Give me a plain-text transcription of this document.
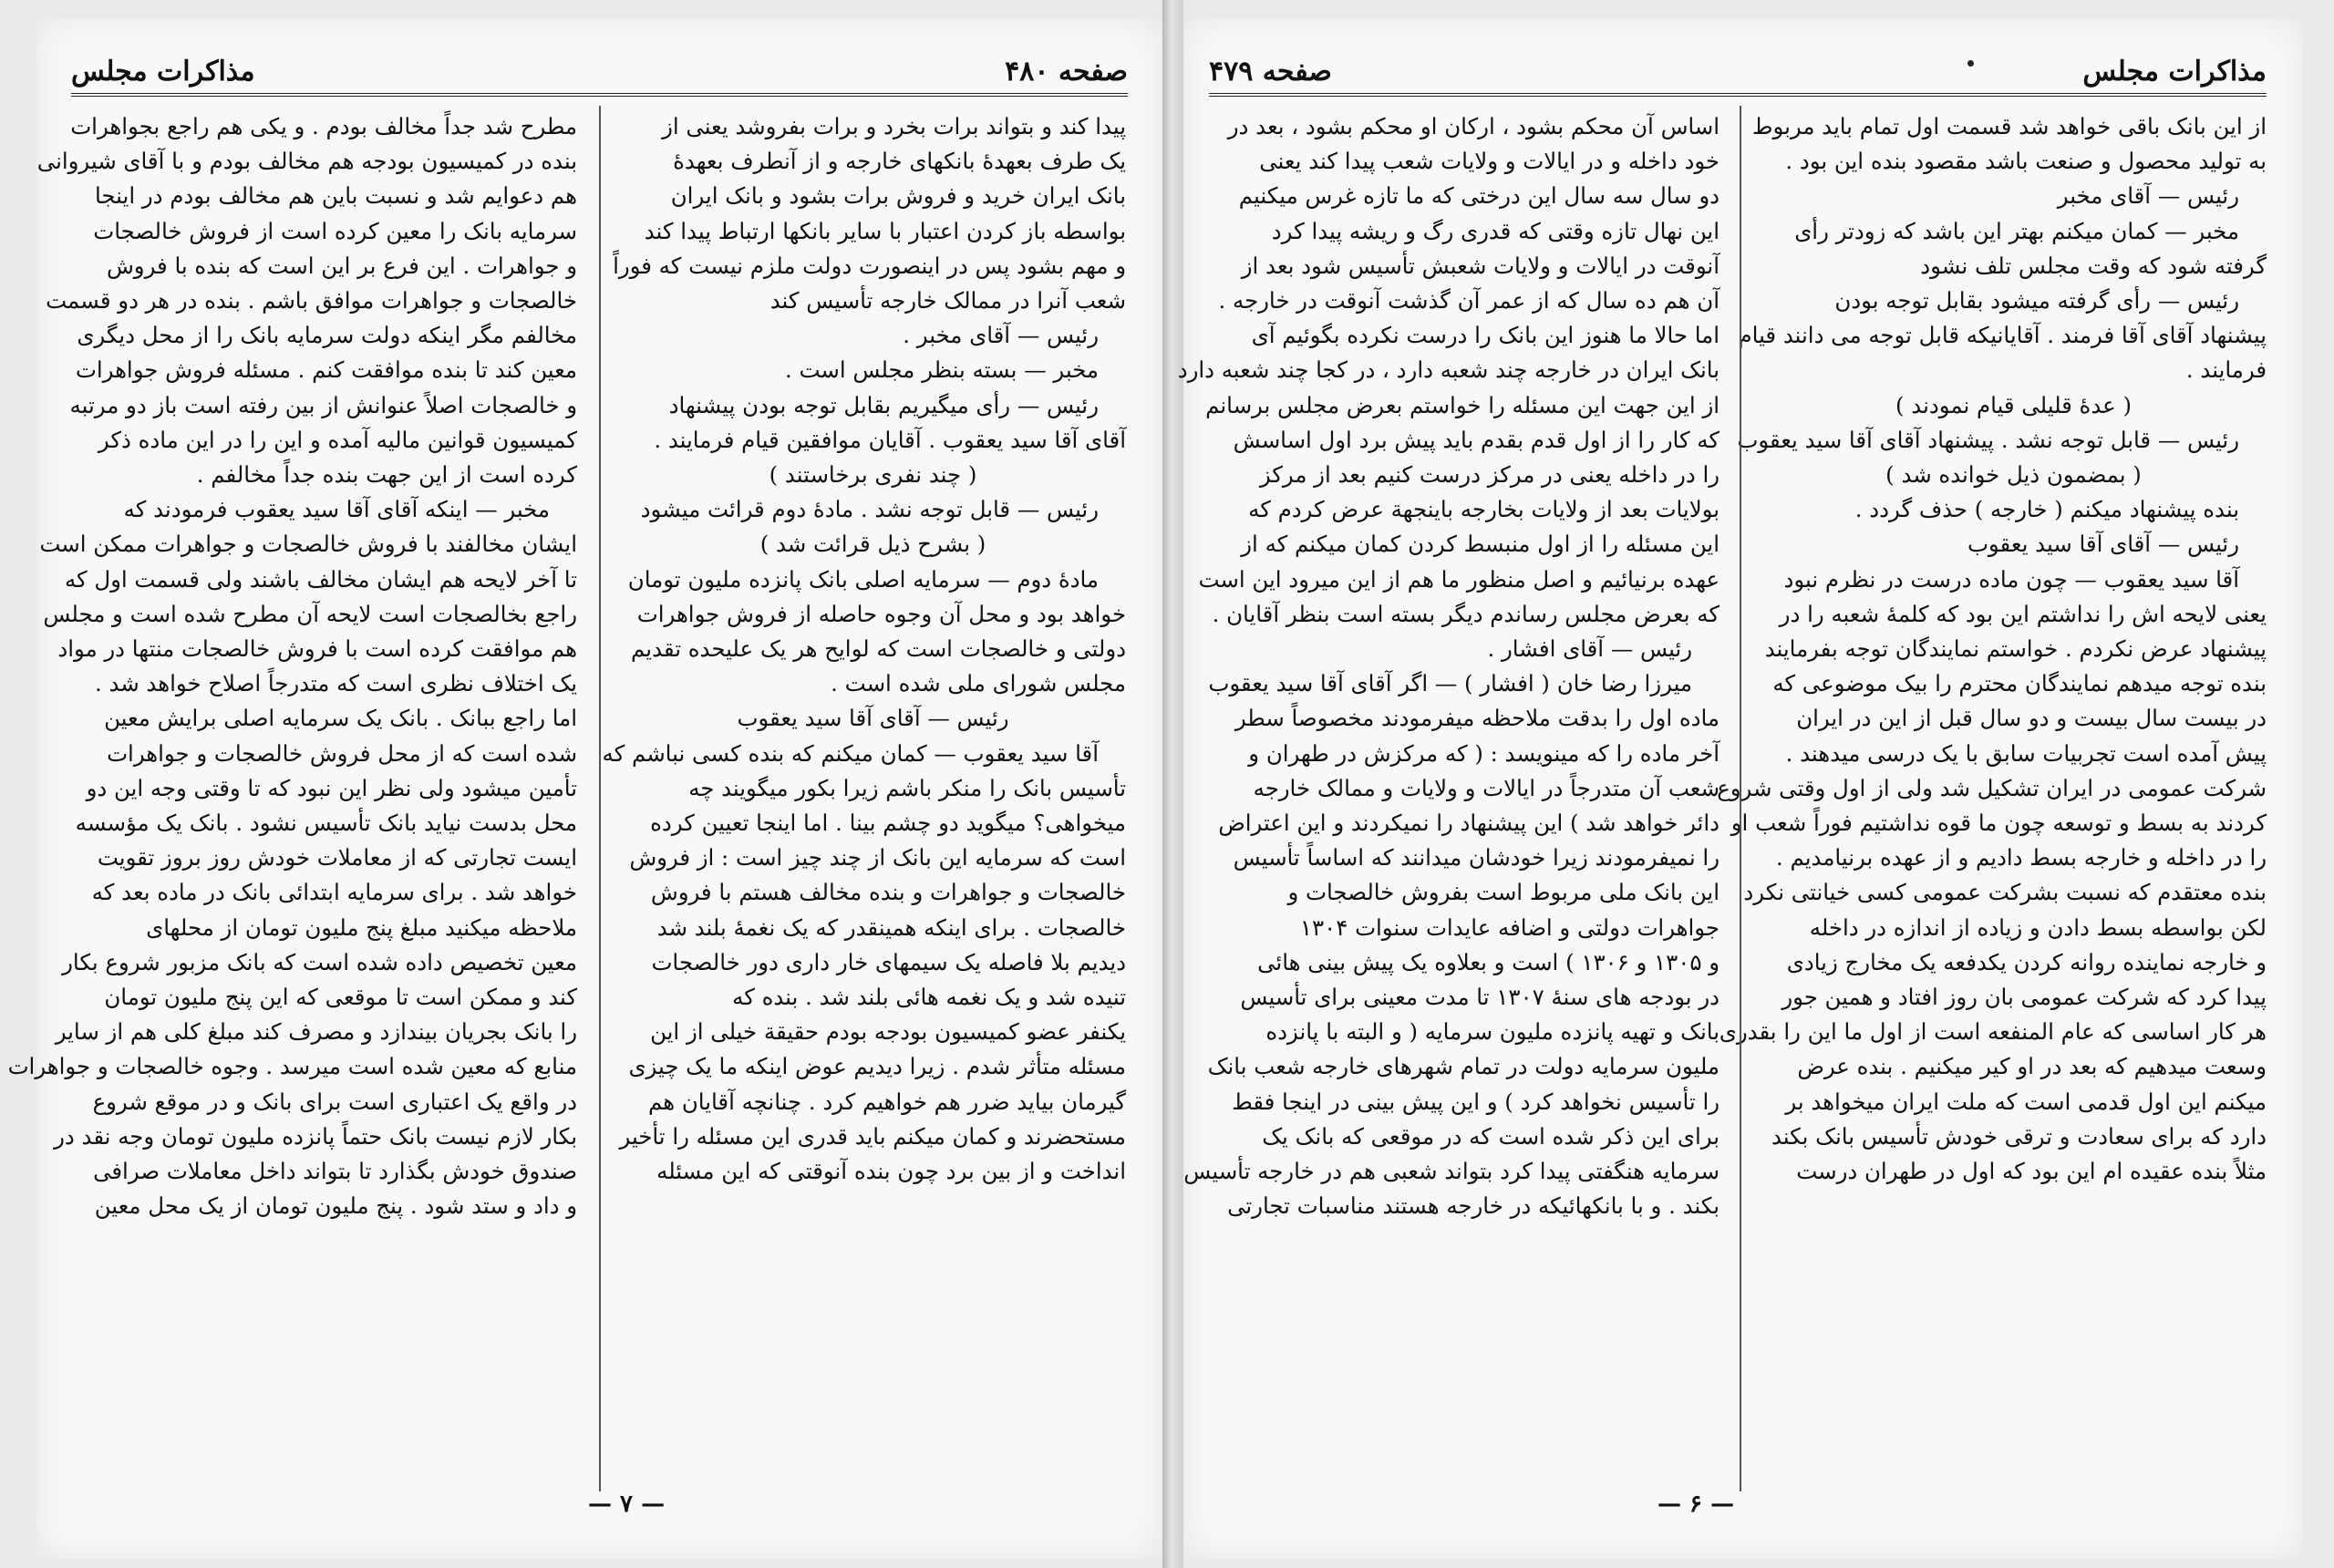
صفحه ۴۸۰
مذاکرات مجلس
پیدا کند و بتواند برات بخرد و برات بفروشد یعنی از
یک طرف بعهدهٔ بانکهای خارجه و از آنطرف بعهدهٔ
بانک ایران خرید و فروش برات بشود و بانک ایران
بواسطه باز کردن اعتبار با سایر بانکها ارتباط پیدا کند
و مهم بشود پس در اینصورت دولت ملزم نیست که فوراً
شعب آنرا در ممالک خارجه تأسیس کند
رئیس — آقای مخبر .
مخبر — بسته بنظر مجلس است .
رئیس — رأی میگیریم بقابل توجه بودن پیشنهاد
آقای آقا سید یعقوب . آقایان موافقین قیام فرمایند .
( چند نفری برخاستند )
رئیس — قابل توجه نشد . مادهٔ دوم قرائت میشود
( بشرح ذیل قرائت شد )
مادهٔ دوم — سرمایه اصلی بانک پانزده ملیون تومان
خواهد بود و محل آن وجوه حاصله از فروش جواهرات
دولتی و خالصجات است که لوایح هر یک علیحده تقدیم
مجلس شورای ملی شده است .
رئیس — آقای آقا سید یعقوب
آقا سید یعقوب — کمان میکنم که بنده کسی نباشم که
تأسیس بانک را منکر باشم زیرا بکور میگویند چه
میخواهی؟ میگوید دو چشم بینا . اما اینجا تعیین کرده
است که سرمایه این بانک از چند چیز است : از فروش
خالصجات و جواهرات و بنده مخالف هستم با فروش
خالصجات . برای اینکه همینقدر که یک نغمهٔ بلند شد
دیدیم بلا فاصله یک سیمهای خار داری دور خالصجات
تنیده شد و یک نغمه هائی بلند شد . بنده که
یکنفر عضو کمیسیون بودجه بودم حقیقة خیلی از این
مسئله متأثر شدم . زیرا دیدیم عوض اینکه ما یک چیزی
گیرمان بیاید ضرر هم خواهیم کرد . چنانچه آقایان هم
مستحضرند و کمان میکنم باید قدری این مسئله را تأخیر
انداخت و از بین برد چون بنده آنوقتی که این مسئله
مطرح شد جداً مخالف بودم . و یکی هم راجع بجواهرات
بنده در کمیسیون بودجه هم مخالف بودم و با آقای شیروانی
هم دعوایم شد و نسبت باین هم مخالف بودم در اینجا
سرمایه بانک را معین کرده است از فروش خالصجات
و جواهرات . این فرع بر این است که بنده با فروش
خالصجات و جواهرات موافق باشم . بنده در هر دو قسمت
مخالفم مگر اینکه دولت سرمایه بانک را از محل دیگری
معین کند تا بنده موافقت کنم . مسئله فروش جواهرات
و خالصجات اصلاً عنوانش از بین رفته است باز دو مرتبه
کمیسیون قوانین مالیه آمده و این را در این ماده ذکر
کرده است از این جهت بنده جداً مخالفم .
مخبر — اینکه آقای آقا سید یعقوب فرمودند که
ایشان مخالفند با فروش خالصجات و جواهرات ممکن است
تا آخر لایحه هم ایشان مخالف باشند ولی قسمت اول که
راجع بخالصجات است لایحه آن مطرح شده است و مجلس
هم موافقت کرده است با فروش خالصجات منتها در مواد
یک اختلاف نظری است که متدرجاً اصلاح خواهد شد .
اما راجع ببانک . بانک یک سرمایه اصلی برایش معین
شده است که از محل فروش خالصجات و جواهرات
تأمین میشود ولی نظر این نبود که تا وقتی وجه این دو
محل بدست نیاید بانک تأسیس نشود . بانک یک مؤسسه
ایست تجارتی که از معاملات خودش روز بروز تقویت
خواهد شد . برای سرمایه ابتدائی بانک در ماده بعد که
ملاحظه میکنید مبلغ پنج ملیون تومان از محلهای
معین تخصیص داده شده است که بانک مزبور شروع بکار
کند و ممکن است تا موقعی که این پنج ملیون تومان
را بانک بجریان بیندازد و مصرف کند مبلغ کلی هم از سایر
منابع که معین شده است میرسد . وجوه خالصجات و جواهرات
در واقع یک اعتباری است برای بانک و در موقع شروع
بکار لازم نیست بانک حتماً پانزده ملیون تومان وجه نقد در
صندوق خودش بگذارد تا بتواند داخل معاملات صرافی
و داد و ستد شود . پنج ملیون تومان از یک محل معین
— ۷ —
مذاکرات مجلس
صفحه ۴۷۹
از این بانک باقی خواهد شد قسمت اول تمام باید مربوط
به تولید محصول و صنعت باشد مقصود بنده این بود .
رئیس — آقای مخبر
مخبر — کمان میکنم بهتر این باشد که زودتر رأی
گرفته شود که وقت مجلس تلف نشود
رئیس — رأی گرفته میشود بقابل توجه بودن
پیشنهاد آقای آقا فرمند . آقایانیکه قابل توجه می دانند قیام
فرمایند .
( عدهٔ قلیلی قیام نمودند )
رئیس — قابل توجه نشد . پیشنهاد آقای آقا سید یعقوب
( بمضمون ذیل خوانده شد )
بنده پیشنهاد میکنم ( خارجه ) حذف گردد .
رئیس — آقای آقا سید یعقوب
آقا سید یعقوب — چون ماده درست در نظرم نبود
یعنی لایحه اش را نداشتم این بود که کلمهٔ شعبه را در
پیشنهاد عرض نکردم . خواستم نمایندگان توجه بفرمایند
بنده توجه میدهم نمایندگان محترم را بیک موضوعی که
در بیست سال بیست و دو سال قبل از این در ایران
پیش آمده است تجربیات سابق با یک درسی میدهند .
شرکت عمومی در ایران تشکیل شد ولی از اول وقتی شروع
کردند به بسط و توسعه چون ما قوه نداشتیم فوراً شعب او
را در داخله و خارجه بسط دادیم و از عهده برنیامدیم .
بنده معتقدم که نسبت بشرکت عمومی کسی خیانتی نکرد
لکن بواسطه بسط دادن و زیاده از اندازه در داخله
و خارجه نماینده روانه کردن یکدفعه یک مخارج زیادی
پیدا کرد که شرکت عمومی بان روز افتاد و همین جور
هر کار اساسی که عام المنفعه است از اول ما این را بقدری
وسعت میدهیم که بعد در او کیر میکنیم . بنده عرض
میکنم این اول قدمی است که ملت ایران میخواهد بر
دارد که برای سعادت و ترقی خودش تأسیس بانک بکند
مثلاً بنده عقیده ام این بود که اول در طهران درست
اساس آن محکم بشود ، ارکان او محکم بشود ، بعد در
خود داخله و در ایالات و ولایات شعب پیدا کند یعنی
دو سال سه سال این درختی که ما تازه غرس میکنیم
این نهال تازه وقتی که قدری رگ و ریشه پیدا کرد
آنوقت در ایالات و ولایات شعبش تأسیس شود بعد از
آن هم ده سال که از عمر آن گذشت آنوقت در خارجه .
اما حالا ما هنوز این بانک را درست نکرده بگوئیم آی
بانک ایران در خارجه چند شعبه دارد ، در کجا چند شعبه دارد
از این جهت این مسئله را خواستم بعرض مجلس برسانم
که کار را از اول قدم بقدم باید پیش برد اول اساسش
را در داخله یعنی در مرکز درست کنیم بعد از مرکز
بولایات بعد از ولایات بخارجه باینجهة عرض کردم که
این مسئله را از اول منبسط کردن کمان میکنم که از
عهده برنیائیم و اصل منظور ما هم از این میرود این است
که بعرض مجلس رساندم دیگر بسته است بنظر آقایان .
رئیس — آقای افشار .
میرزا رضا خان ( افشار ) — اگر آقای آقا سید یعقوب
ماده اول را بدقت ملاحظه میفرمودند مخصوصاً سطر
آخر ماده را که مینویسد : ( که مرکزش در طهران و
شعب آن متدرجاً در ایالات و ولایات و ممالک خارجه
دائر خواهد شد ) این پیشنهاد را نمیکردند و این اعتراض
را نمیفرمودند زیرا خودشان میدانند که اساساً تأسیس
این بانک ملی مربوط است بفروش خالصجات و
جواهرات دولتی و اضافه عایدات سنوات ۱۳۰۴
و ۱۳۰۵ و ۱۳۰۶ ) است و بعلاوه یک پیش بینی هائی
در بودجه های سنهٔ ۱۳۰۷ تا مدت معینی برای تأسیس
بانک و تهیه پانزده ملیون سرمایه ( و البته با پانزده
ملیون سرمایه دولت در تمام شهرهای خارجه شعب بانک
را تأسیس نخواهد کرد ) و این پیش بینی در اینجا فقط
برای این ذکر شده است که در موقعی که بانک یک
سرمایه هنگفتی پیدا کرد بتواند شعبی هم در خارجه تأسیس
بکند . و با بانکهائیکه در خارجه هستند مناسبات تجارتی
— ۶ —
